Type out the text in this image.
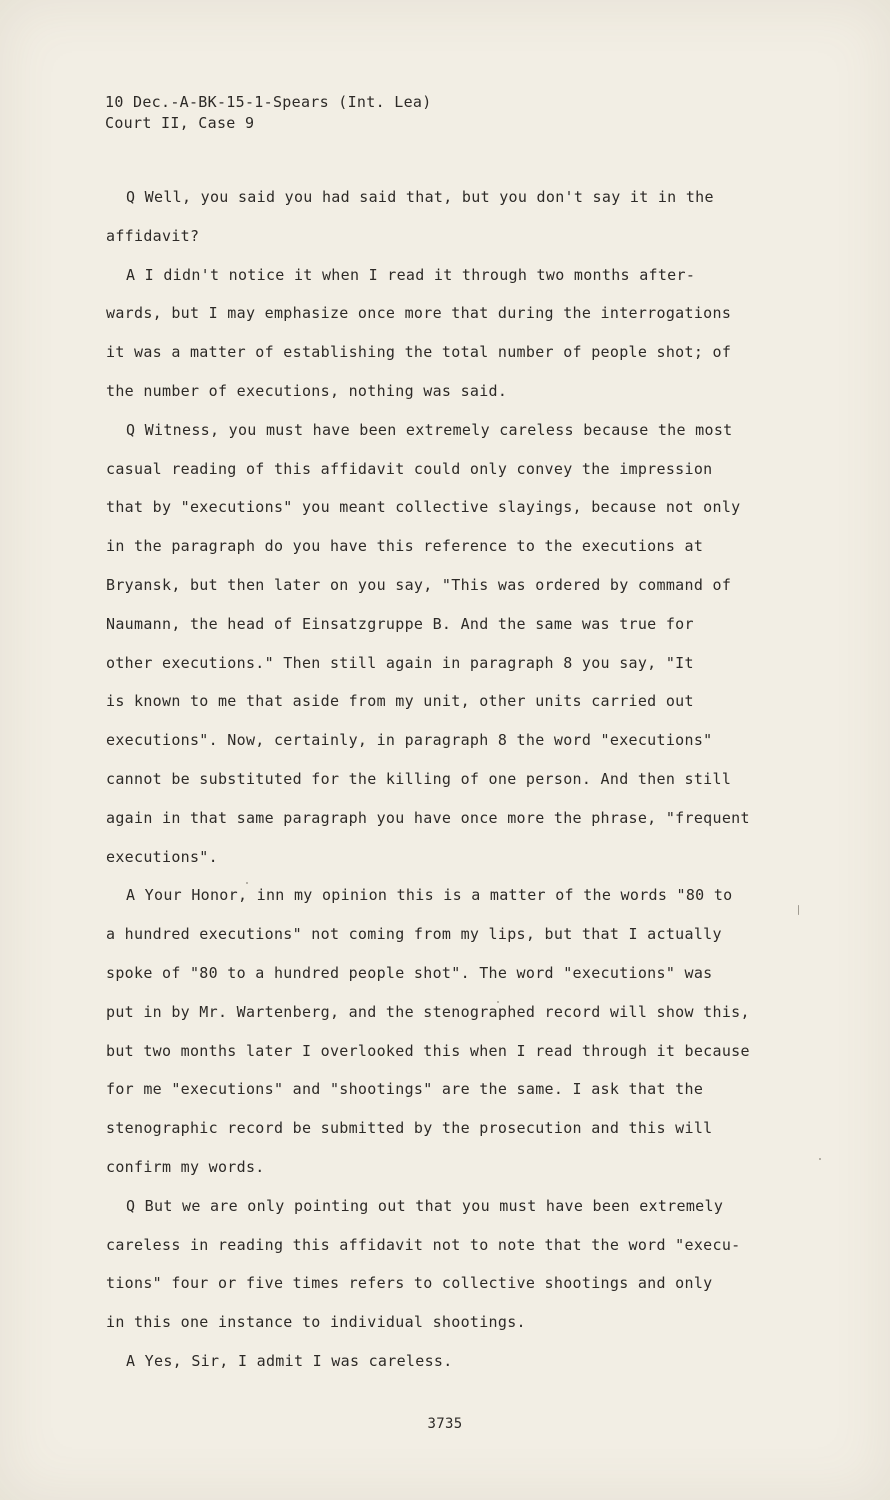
10 Dec.-A-BK-15-1-Spears (Int. Lea)
Court II, Case 9
Q Well, you said you had said that, but you don't say it in the
affidavit?
A I didn't notice it when I read it through two months after-
wards, but I may emphasize once more that during the interrogations
it was a matter of establishing the total number of people shot; of
the number of executions, nothing was said.
Q Witness, you must have been extremely careless because the most
casual reading of this affidavit could only convey the impression
that by "executions" you meant collective slayings, because not only
in the paragraph do you have this reference to the executions at
Bryansk, but then later on you say, "This was ordered by command of
Naumann, the head of Einsatzgruppe B. And the same was true for
other executions." Then still again in paragraph 8 you say, "It
is known to me that aside from my unit, other units carried out
executions". Now, certainly, in paragraph 8 the word "executions"
cannot be substituted for the killing of one person. And then still
again in that same paragraph you have once more the phrase, "frequent
executions".
A Your Honor, inn my opinion this is a matter of the words "80 to
a hundred executions" not coming from my lips, but that I actually
spoke of "80 to a hundred people shot". The word "executions" was
put in by Mr. Wartenberg, and the stenographed record will show this,
but two months later I overlooked this when I read through it because
for me "executions" and "shootings" are the same. I ask that the
stenographic record be submitted by the prosecution and this will
confirm my words.
Q But we are only pointing out that you must have been extremely
careless in reading this affidavit not to note that the word "execu-
tions" four or five times refers to collective shootings and only
in this one instance to individual shootings.
A Yes, Sir, I admit I was careless.
3735
